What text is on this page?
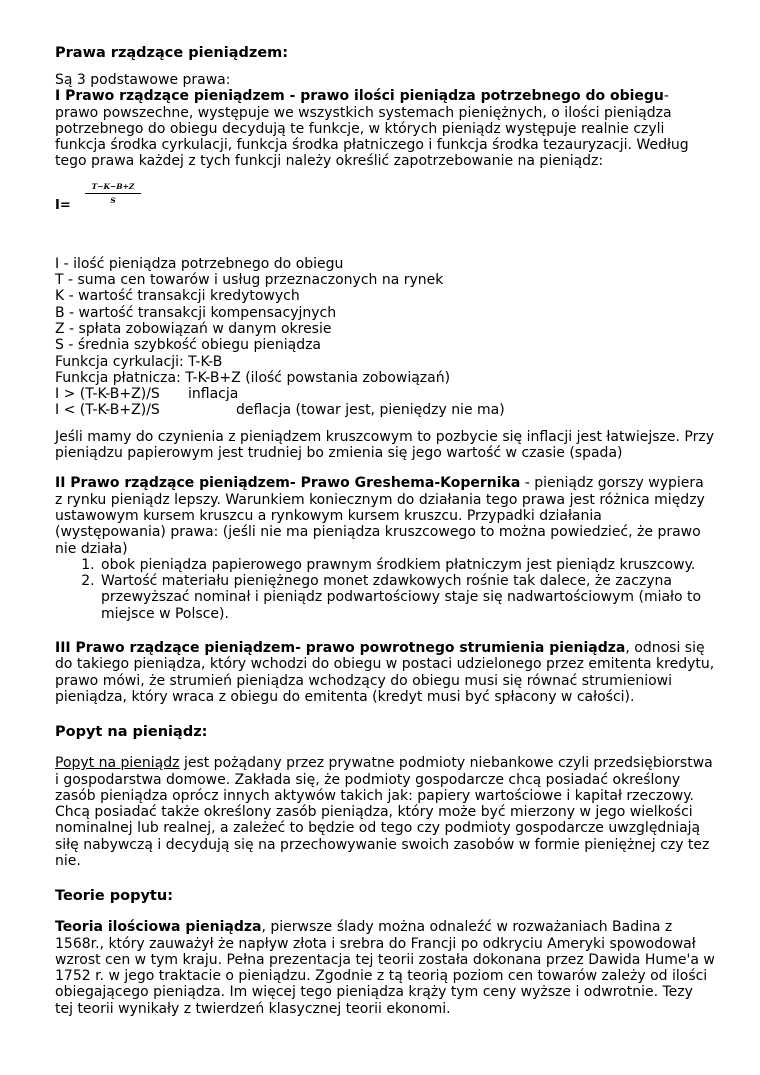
Prawa rządzące pieniądzem:

Są 3 podstawowe prawa:

I Prawo rządzące pieniądzem - prawo ilości pieniądza potrzebnego do obiegu- prawo powszechne, występuje we wszystkich systemach pieniężnych, o ilości pieniądza potrzebnego do obiegu decydują te funkcje, w których pieniądz występuje realnie czyli funkcja środka cyrkulacji, funkcja środka płatniczego i funkcja środka tezauryzacji. Według tego prawa każdej z tych funkcji należy określić zapotrzebowanie na pieniądz:

I=
$\frac{T-K-B+Z}{S}$

I - ilość pieniądza potrzebnego do obiegu

T - suma cen towarów i usług przeznaczonych na rynek

K - wartość transakcji kredytowych

B - wartość transakcji kompensacyjnych

Z - spłata zobowiązań w danym okresie

S - średnia szybkość obiegu pieniądza

Funkcja cyrkulacji: T-K-B

Funkcja płatnicza: T-K-B+Z (ilość powstania zobowiązań)

I > (T-K-B+Z)/S inflacja

I < (T-K-B+Z)/S	deflacja (towar jest, pieniędzy nie ma)

Jeśli mamy do czynienia z pieniądzem kruszcowym to pozbycie się inflacji jest łatwiejsze. Przy pieniądzu papierowym jest trudniej bo zmienia się jego wartość w czasie (spada)

II Prawo rządzące pieniądzem- Prawo Greshema-Kopernika - pieniądz gorszy wypiera z rynku pieniądz lepszy. Warunkiem koniecznym do działania tego prawa jest różnica między ustawowym kursem kruszcu a rynkowym kursem kruszcu. Przypadki działania (występowania) prawa: (jeśli nie ma pieniądza kruszcowego to można powiedzieć, że prawo nie działa)

1. obok pieniądza papierowego prawnym środkiem płatniczym jest pieniądz kruszcowy.
2. Wartość materiału pieniężnego monet zdawkowych rośnie tak dalece, że zaczyna przewyższać nominał i pieniądz podwartościowy staje się nadwartościowym (miało to miejsce w Polsce).

III Prawo rządzące pieniądzem- prawo powrotnego strumienia pieniądza, odnosi się do takiego pieniądza, który wchodzi do obiegu w postaci udzielonego przez emitenta kredytu, prawo mówi, że strumień pieniądza wchodzący do obiegu musi się równać strumieniowi pieniądza, który wraca z obiegu do emitenta (kredyt musi być spłacony w całości).

Popyt na pieniądz:

Popyt na pieniądz jest pożądany przez prywatne podmioty niebankowe czyli przedsiębiorstwa i gospodarstwa domowe. Zakłada się, że podmioty gospodarcze chcą posiadać określony zasób pieniądza oprócz innych aktywów takich jak: papiery wartościowe i kapitał rzeczowy. Chcą posiadać także określony zasób pieniądza, który może być mierzony w jego wielkości nominalnej lub realnej, a zależeć to będzie od tego czy podmioty gospodarcze uwzględniają siłę nabywczą i decydują się na przechowywanie swoich zasobów w formie pieniężnej czy tez nie.

Teorie popytu:

Teoria ilościowa pieniądza, pierwsze ślady można odnaleźć w rozważaniach Badina z 1568r., który zauważył że napływ złota i srebra do Francji po odkryciu Ameryki spowodował wzrost cen w tym kraju. Pełna prezentacja tej teorii została dokonana przez Dawida Hume'a w 1752 r. w jego traktacie o pieniądzu. Zgodnie z tą teorią poziom cen towarów zależy od ilości obiegającego pieniądza. Im więcej tego pieniądza krąży tym ceny wyższe i odwrotnie. Tezy tej teorii wynikały z twierdzeń klasycznej teorii ekonomi.
